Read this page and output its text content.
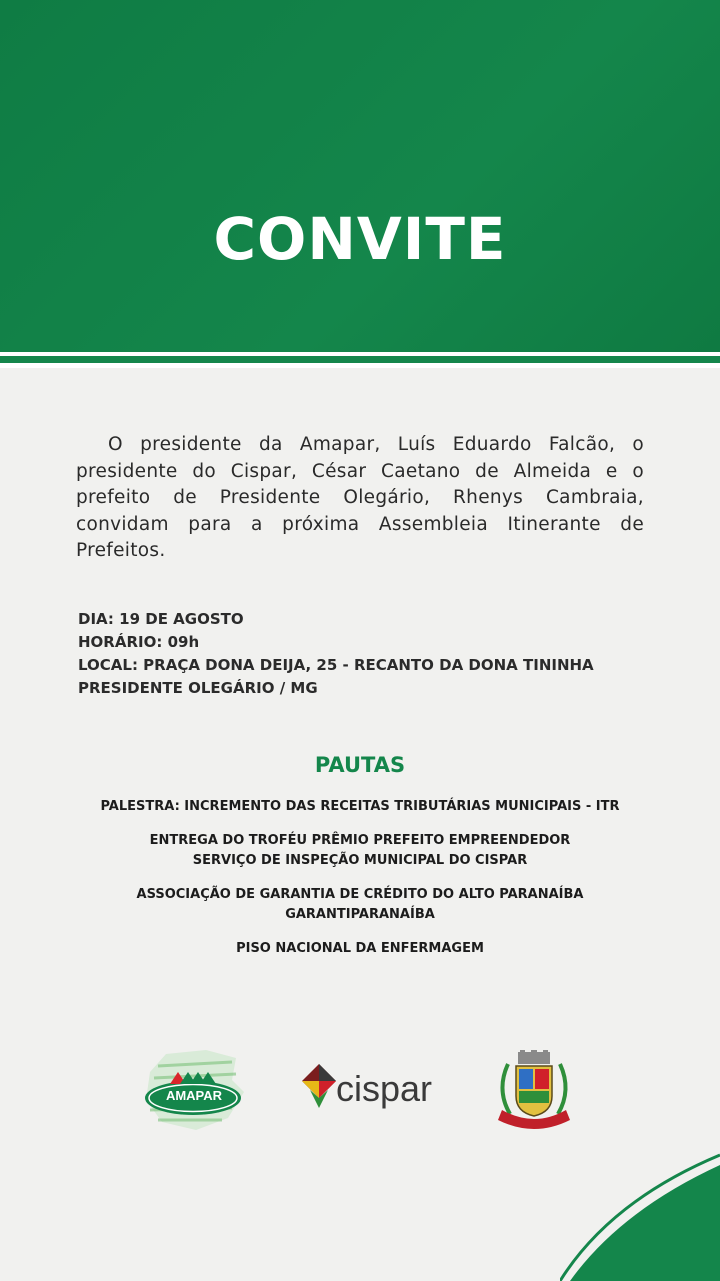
CONVITE

O presidente da Amapar, Luís Eduardo Falcão, o presidente do Cispar, César Caetano de Almeida e o prefeito de Presidente Olegário, Rhenys Cambraia, convidam para a próxima Assembleia Itinerante de Prefeitos.

DIA: 19 DE AGOSTO
HORÁRIO: 09h
LOCAL: PRAÇA DONA DEIJA, 25 - RECANTO DA DONA TININHA
PRESIDENTE OLEGÁRIO / MG
PAUTAS
PALESTRA: INCREMENTO DAS RECEITAS TRIBUTÁRIAS MUNICIPAIS - ITR
ENTREGA DO TROFÉU PRÊMIO PREFEITO EMPREENDEDOR
SERVIÇO DE INSPEÇÃO MUNICIPAL DO CISPAR
ASSOCIAÇÃO DE GARANTIA DE CRÉDITO DO ALTO PARANAÍBA
GARANTIPARANAÍBA
PISO NACIONAL DA ENFERMAGEM
AMAPAR	cispar
